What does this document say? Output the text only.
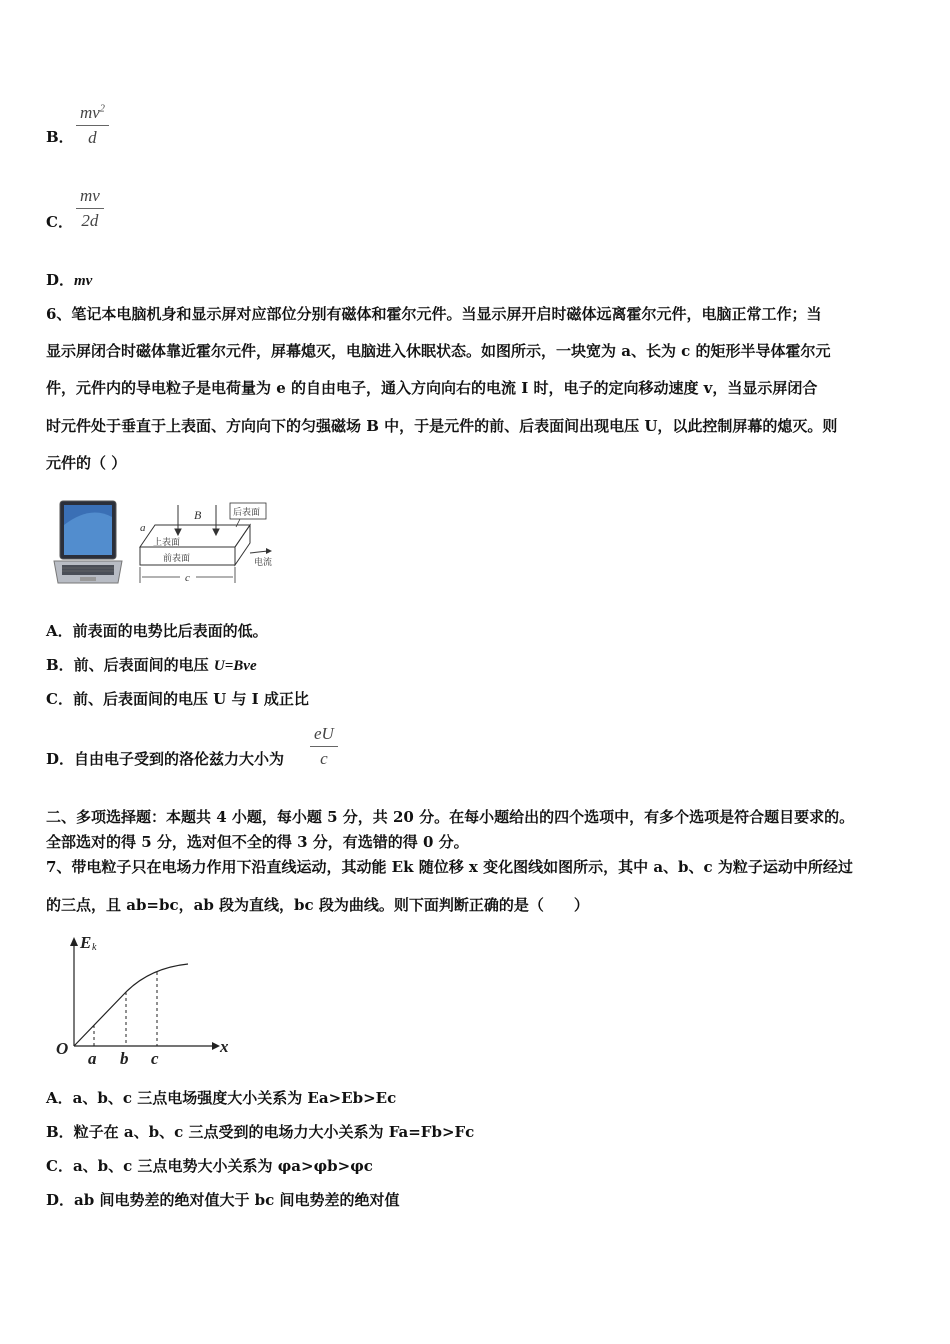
B． $\frac{mv^2}{d}$
C． $\frac{mv}{2d}$
D．mv
6、笔记本电脑机身和显示屏对应部位分别有磁体和霍尔元件。当显示屏开启时磁体远离霍尔元件，电脑正常工作；当
显示屏闭合时磁体靠近霍尔元件，屏幕熄灭，电脑进入休眠状态。如图所示，一块宽为 a、长为 c 的矩形半导体霍尔元
件，元件内的导电粒子是电荷量为 e 的自由电子，通入方向向右的电流 I 时，电子的定向移动速度 v，当显示屏闭合
时元件处于垂直于上表面、方向向下的匀强磁场 B 中，于是元件的前、后表面间出现电压 U，以此控制屏幕的熄灭。则
元件的（ ）
B	后表面
a
上表面
前表面	电流
c
A．前表面的电势比后表面的低。
B．前、后表面间的电压 U=Bve
C．前、后表面间的电压 U 与 I 成正比
D．自由电子受到的洛伦兹力大小为 $\frac{eU}{c}$
二、多项选择题：本题共 4 小题，每小题 5 分，共 20 分。在每小题给出的四个选项中，有多个选项是符合题目要求的。
全部选对的得 5 分，选对但不全的得 3 分，有选错的得 0 分。
7、带电粒子只在电场力作用下沿直线运动，其动能 Ek 随位移 x 变化图线如图所示，其中 a、b、c 为粒子运动中所经过
的三点，且 ab=bc，ab 段为直线，bc 段为曲线。则下面判断正确的是（　　）
E k
x
O
a b c
A．a、b、c 三点电场强度大小关系为 Ea>Eb>Ec
B．粒子在 a、b、c 三点受到的电场力大小关系为 Fa=Fb>Fc
C．a、b、c 三点电势大小关系为 φa>φb>φc
D．ab 间电势差的绝对值大于 bc 间电势差的绝对值
